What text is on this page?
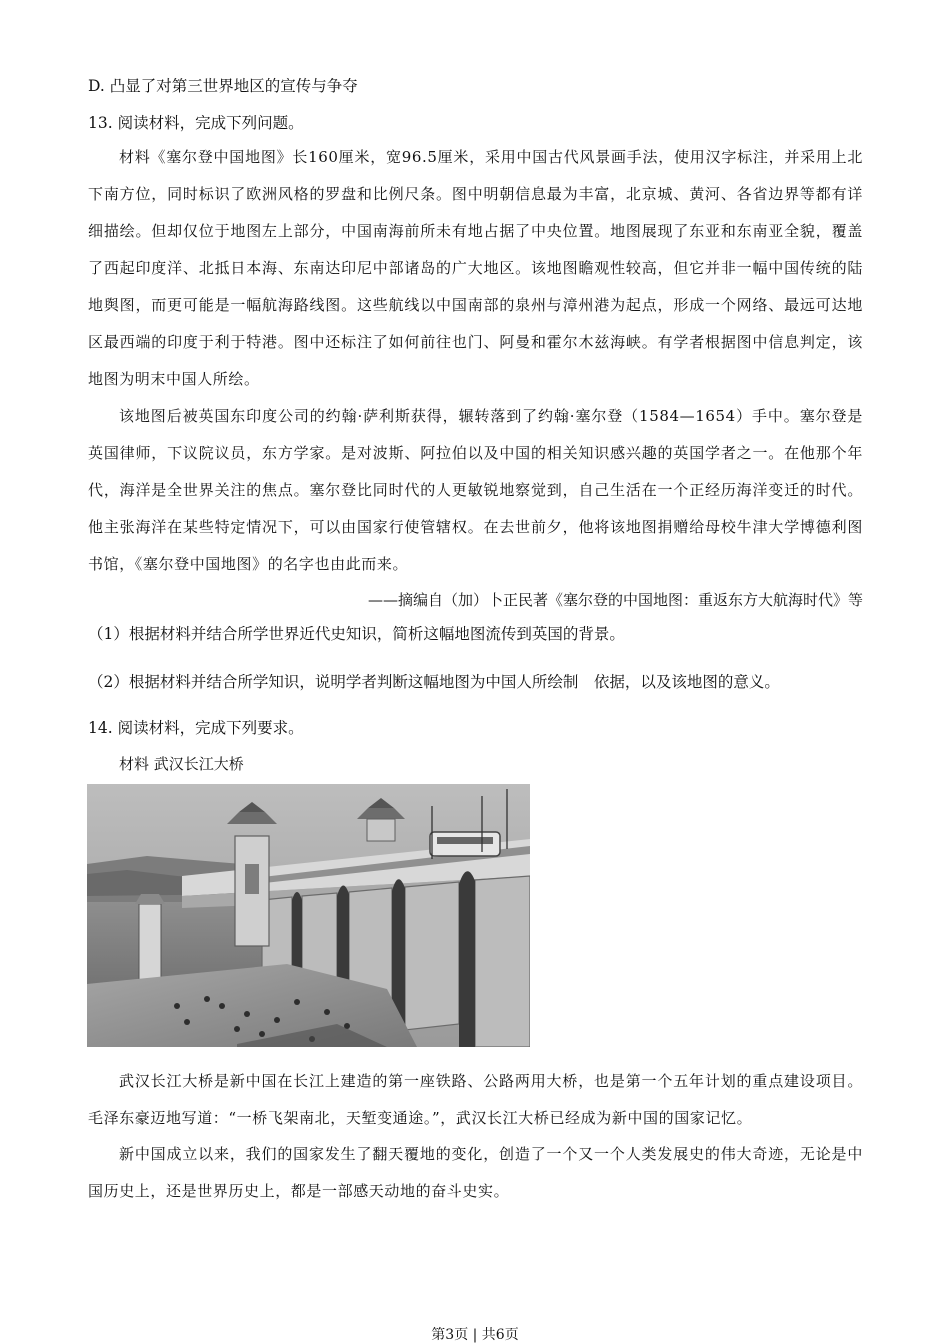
D. 凸显了对第三世界地区的宣传与争夺
13. 阅读材料，完成下列问题。
材料《塞尔登中国地图》长160厘米，宽96.5厘米，采用中国古代风景画手法，使用汉字标注，并采用上北下南方位，同时标识了欧洲风格的罗盘和比例尺条。图中明朝信息最为丰富，北京城、黄河、各省边界等都有详细描绘。但却仅位于地图左上部分，中国南海前所未有地占据了中央位置。地图展现了东亚和东南亚全貌，覆盖了西起印度洋、北抵日本海、东南达印尼中部诸岛的广大地区。该地图瞻观性较高，但它并非一幅中国传统的陆地舆图，而更可能是一幅航海路线图。这些航线以中国南部的泉州与漳州港为起点，形成一个网络、最远可达地区最西端的印度于利于特港。图中还标注了如何前往也门、阿曼和霍尔木兹海峡。有学者根据图中信息判定，该地图为明末中国人所绘。
该地图后被英国东印度公司的约翰·萨利斯获得，辗转落到了约翰·塞尔登（1584—1654）手中。塞尔登是英国律师，下议院议员，东方学家。是对波斯、阿拉伯以及中国的相关知识感兴趣的英国学者之一。在他那个年代，海洋是全世界关注的焦点。塞尔登比同时代的人更敏锐地察觉到，自己生活在一个正经历海洋变迁的时代。他主张海洋在某些特定情况下，可以由国家行使管辖权。在去世前夕，他将该地图捐赠给母校牛津大学博德利图书馆，《塞尔登中国地图》的名字也由此而来。
——摘编自（加）卜正民著《塞尔登的中国地图：重返东方大航海时代》等
（1）根据材料并结合所学世界近代史知识，简析这幅地图流传到英国的背景。
（2）根据材料并结合所学知识，说明学者判断这幅地图为中国人所绘制　依据，以及该地图的意义。
14. 阅读材料，完成下列要求。
材料 武汉长江大桥
武汉长江大桥是新中国在长江上建造的第一座铁路、公路两用大桥，也是第一个五年计划的重点建设项目。毛泽东豪迈地写道：“一桥飞架南北，天堑变通途。”，武汉长江大桥已经成为新中国的国家记忆。
新中国成立以来，我们的国家发生了翻天覆地的变化，创造了一个又一个人类发展史的伟大奇迹，无论是中国历史上，还是世界历史上，都是一部感天动地的奋斗史实。
第3页 | 共6页
